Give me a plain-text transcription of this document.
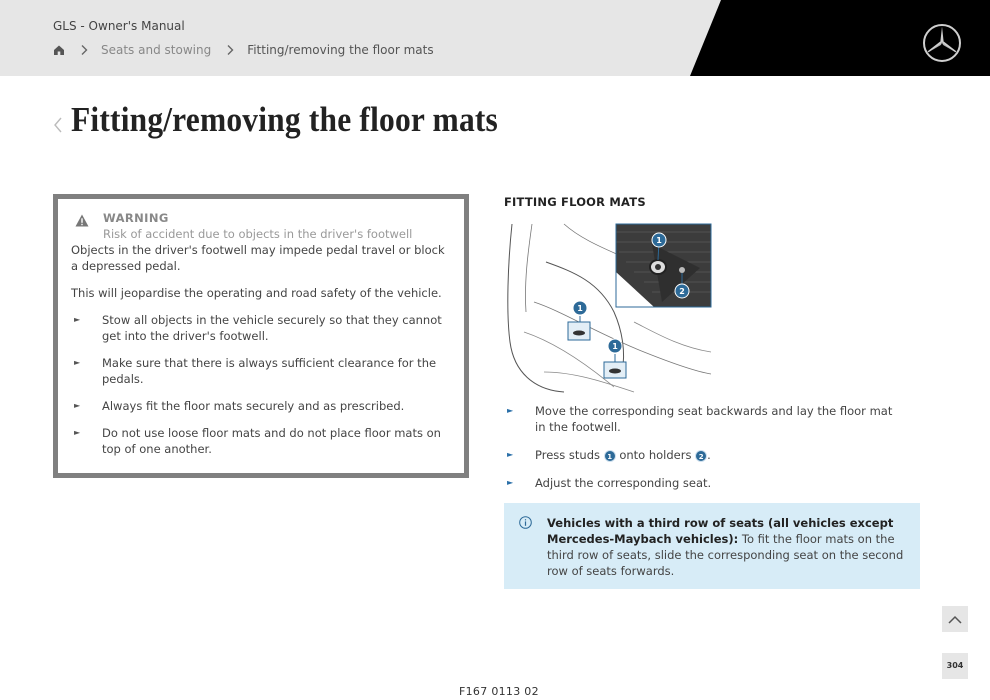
GLS - Owner's Manual
Seats and stowing	Fitting/removing the floor mats
Fitting/removing the floor mats
WARNING
Risk of accident due to objects in the driver's footwell

Objects in the driver's footwell may impede pedal travel or block a depressed pedal.

This will jeopardise the operating and road safety of the vehicle.

►	Stow all objects in the vehicle securely so that they cannot get into the driver's footwell.
►	Make sure that there is always sufficient clearance for the pedals.
►	Always fit the floor mats securely and as prescribed.
►	Do not use loose floor mats and do not place floor mats on top of one another.
FITTING FLOOR MATS
1
2
1
1
►	Move the corresponding seat backwards and lay the floor mat in the footwell.
►	Press studs 1 onto holders 2 .
►	Adjust the corresponding seat.

Vehicles with a third row of seats (all vehicles except Mercedes-Maybach vehicles): To fit the floor mats on the third row of seats, slide the corresponding seat on the second row of seats forwards.

304
F167 0113 02
